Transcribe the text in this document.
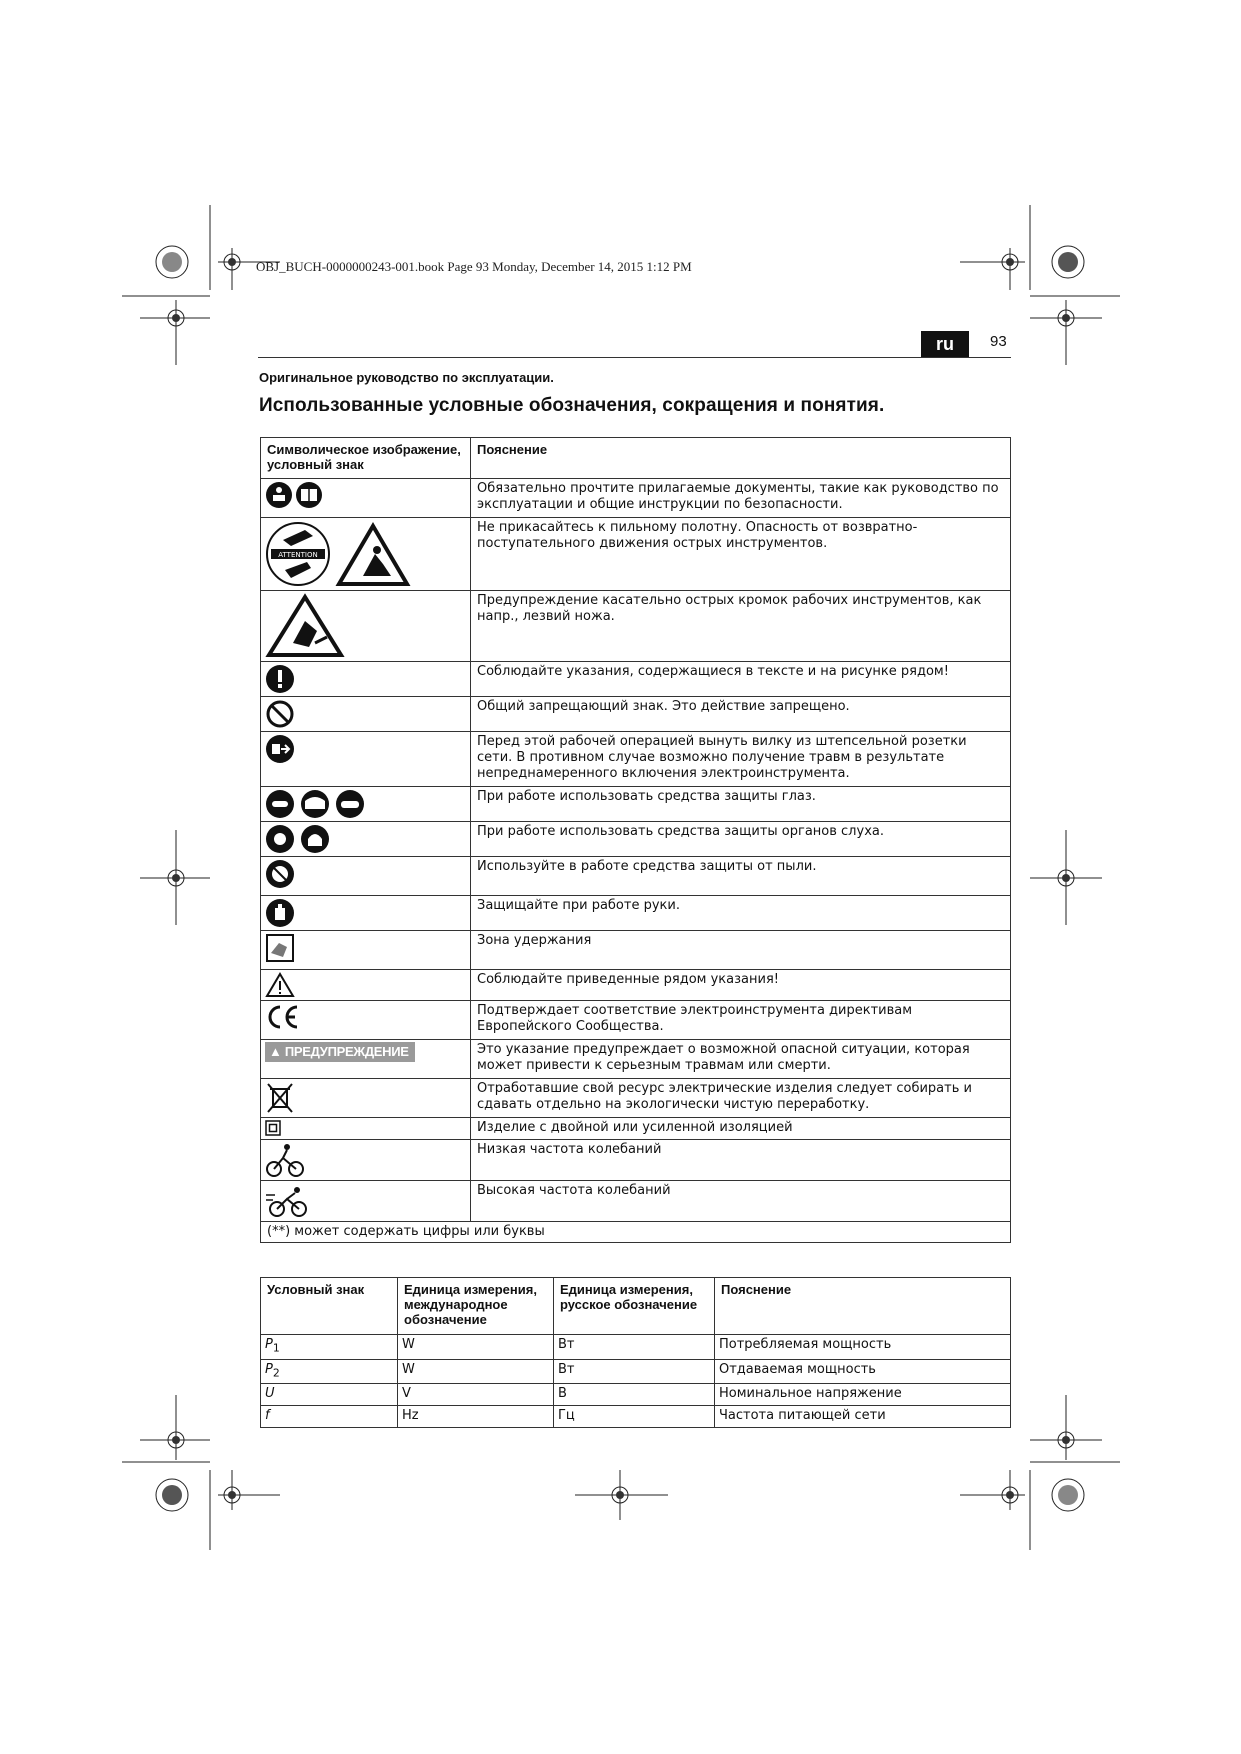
OBJ_BUCH-0000000243-001.book Page 93 Monday, December 14, 2015 1:12 PM
ru	93
Оригинальное руководство по эксплуатации.
Использованные условные обозначения, сокращения и понятия.
Символическое изображение, условный знак	Пояснение
	Обязательно прочтите прилагаемые документы, такие как руководство по эксплуатации и общие инструкции по безопасности.

ATTENTION	Не прикасайтесь к пильному полотну. Опасность от возвратно-поступательного движения острых инструментов.
	Предупреждение касательно острых кромок рабочих инструментов, как напр., лезвий ножа.
	Соблюдайте указания, содержащиеся в тексте и на рисунке рядом!
	Общий запрещающий знак. Это действие запрещено.
	Перед этой рабочей операцией вынуть вилку из штепсельной розетки сети. В противном случае возможно получение травм в результате непреднамеренного включения электроинструмента.
	При работе использовать средства защиты глаз.
	При работе использовать средства защиты органов слуха.
	Используйте в работе средства защиты от пыли.
	Защищайте при работе руки.
	Зона удержания
	Соблюдайте приведенные рядом указания!
	Подтверждает соответствие электроинструмента директивам Европейского Сообщества.
▲ ПРЕДУПРЕЖДЕНИЕ	Это указание предупреждает о возможной опасной ситуации, которая может привести к серьезным травмам или смерти.
	Отработавшие свой ресурс электрические изделия следует собирать и сдавать отдельно на экологически чистую переработку.
	Изделие с двойной или усиленной изоляцией
	Низкая частота колебаний
	Высокая частота колебаний
(**) может содержать цифры или буквы	
Условный знак	Единица измерения, международное обозначение	Единица измерения, русское обозначение	Пояснение
$P_1$	W	Вт	Потребляемая мощность
$P_2$	W	Вт	Отдаваемая мощность
U	V	В	Номинальное напряжение
f	Hz	Гц	Частота питающей сети
